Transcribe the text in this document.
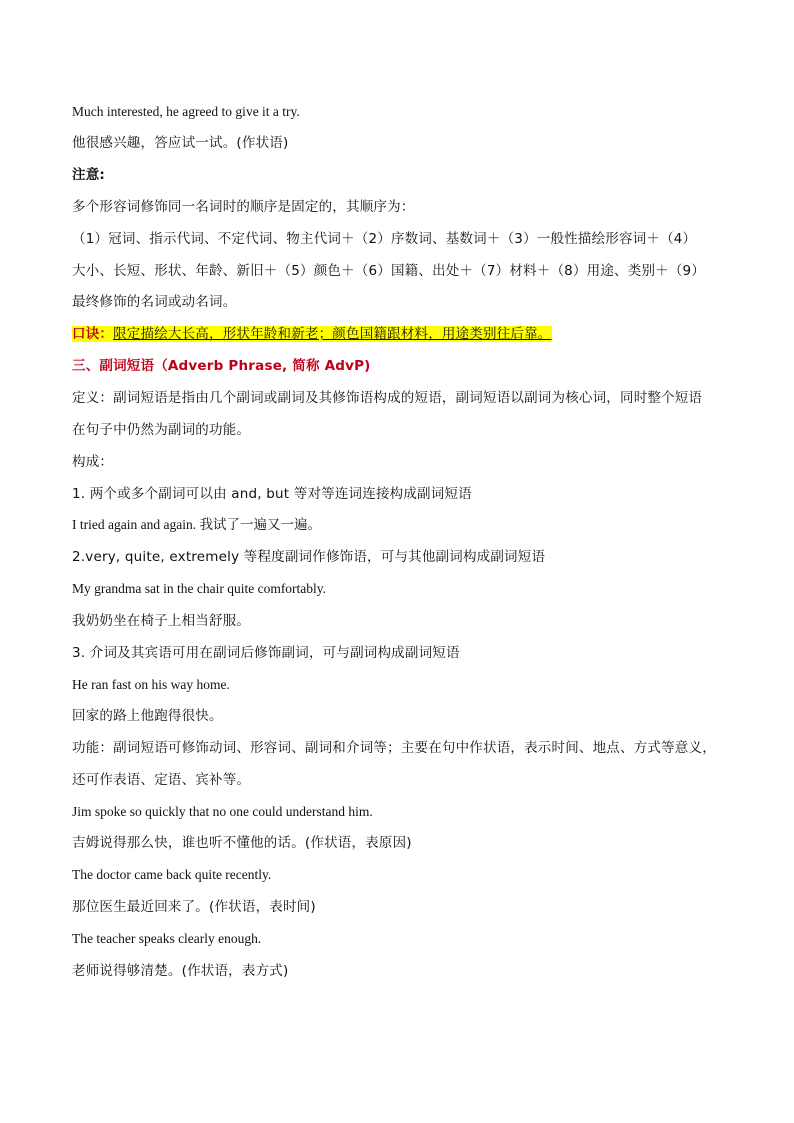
Much interested, he agreed to give it a try.
他很感兴趣，答应试一试。(作状语)
注意:
多个形容词修饰同一名词时的顺序是固定的，其顺序为：
（1）冠词、指示代词、不定代词、物主代词＋（2）序数词、基数词＋（3）一般性描绘形容词＋（4）
大小、长短、形状、年龄、新旧＋（5）颜色＋（6）国籍、出处＋（7）材料＋（8）用途、类别＋（9）
最终修饰的名词或动名词。
口诀：限定描绘大长高，形状年龄和新老；颜色国籍跟材料，用途类别往后靠。
三、副词短语（Adverb Phrase, 简称 AdvP)
定义：副词短语是指由几个副词或副词及其修饰语构成的短语，副词短语以副词为核心词，同时整个短语
在句子中仍然为副词的功能。
构成：
1. 两个或多个副词可以由 and, but 等对等连词连接构成副词短语
I tried again and again. 我试了一遍又一遍。
2.very, quite, extremely 等程度副词作修饰语，可与其他副词构成副词短语
My grandma sat in the chair quite comfortably.
我奶奶坐在椅子上相当舒服。
3. 介词及其宾语可用在副词后修饰副词，可与副词构成副词短语
He ran fast on his way home.
回家的路上他跑得很快。
功能：副词短语可修饰动词、形容词、副词和介词等；主要在句中作状语，表示时间、地点、方式等意义，
还可作表语、定语、宾补等。
Jim spoke so quickly that no one could understand him.
吉姆说得那么快，谁也听不懂他的话。(作状语，表原因)
The doctor came back quite recently.
那位医生最近回来了。(作状语，表时间)
The teacher speaks clearly enough.
老师说得够清楚。(作状语，表方式)
